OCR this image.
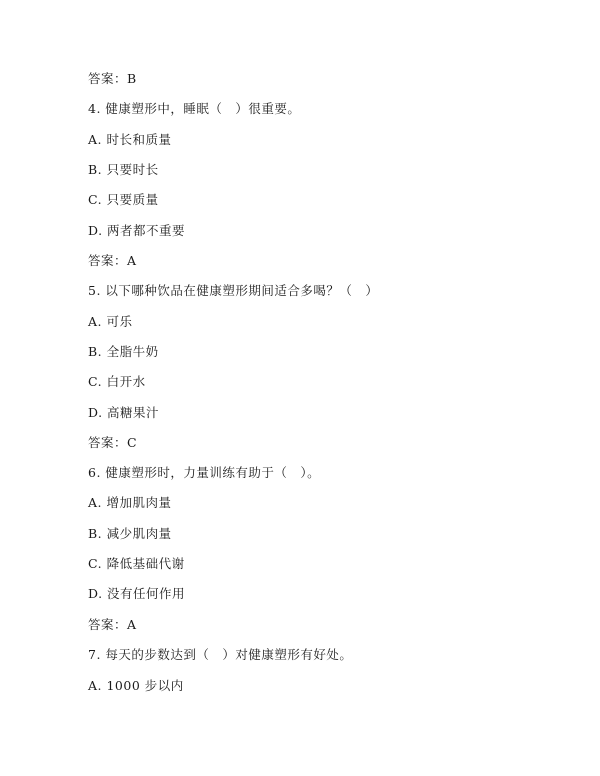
答案：B
4. 健康塑形中，睡眠（　）很重要。
A. 时长和质量
B. 只要时长
C. 只要质量
D. 两者都不重要
答案：A
5. 以下哪种饮品在健康塑形期间适合多喝？（　）
A. 可乐
B. 全脂牛奶
C. 白开水
D. 高糖果汁
答案：C
6. 健康塑形时，力量训练有助于（　）。
A. 增加肌肉量
B. 减少肌肉量
C. 降低基础代谢
D. 没有任何作用
答案：A
7. 每天的步数达到（　）对健康塑形有好处。
A. 1000 步以内
